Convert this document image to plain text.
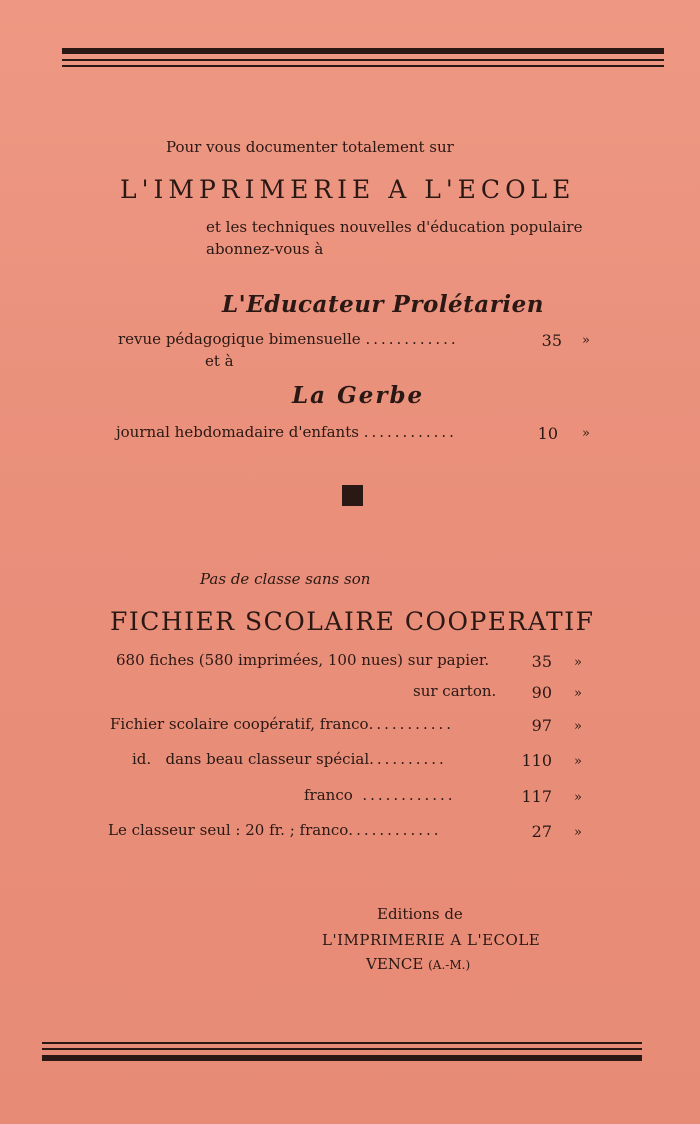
Pour vous documenter totalement sur
L'IMPRIMERIE A L'ECOLE
et les techniques nouvelles d'éducation populaire
abonnez-vous à
L'Educateur Prolétarien
revue pédagogique bimensuelle ............	35 »
et à
La Gerbe
journal hebdomadaire d'enfants ............	10 »
Pas de classe sans son
FICHIER SCOLAIRE COOPERATIF
680 fiches (580 imprimées, 100 nues) sur papier.	35 »
sur carton.	90 »
Fichier scolaire coopératif, franco...........	97 »
id.   dans beau classeur spécial..........	110 »
franco ............	117 »
Le classeur seul : 20 fr. ; franco............	27 »
Editions de
L'IMPRIMERIE A L'ECOLE
VENCE (A.-M.)
